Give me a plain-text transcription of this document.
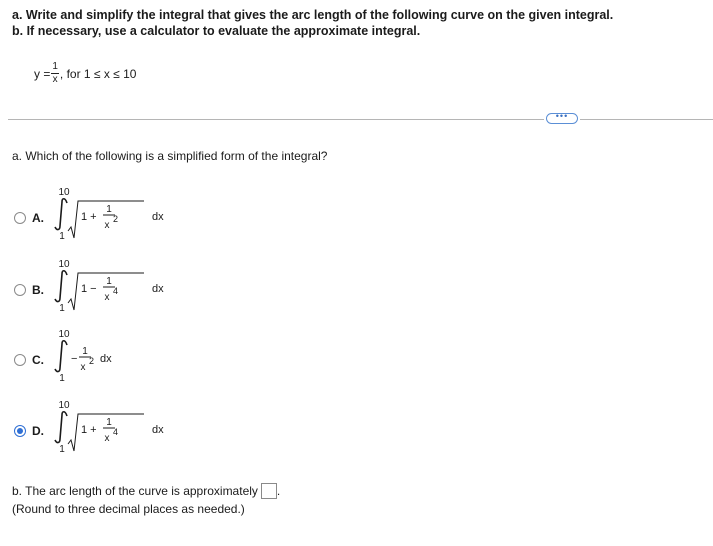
a. Write and simplify the integral that gives the arc length of the following curve on the given integral.
b. If necessary, use a calculator to evaluate the approximate integral.
$y = \frac{1}{x}$ , for 1 ≤ x ≤ 10
•••
a. Which of the following is a simplified form of the integral?
A.
10
1
1 +
1
x
2	dx
B.
10
1
1 −
1
x
4	dx
C.
10
1
−
1
x
2 dx
D.
10
1
1 +
1
x
4	dx
b. The arc length of the curve is approximately .
(Round to three decimal places as needed.)
